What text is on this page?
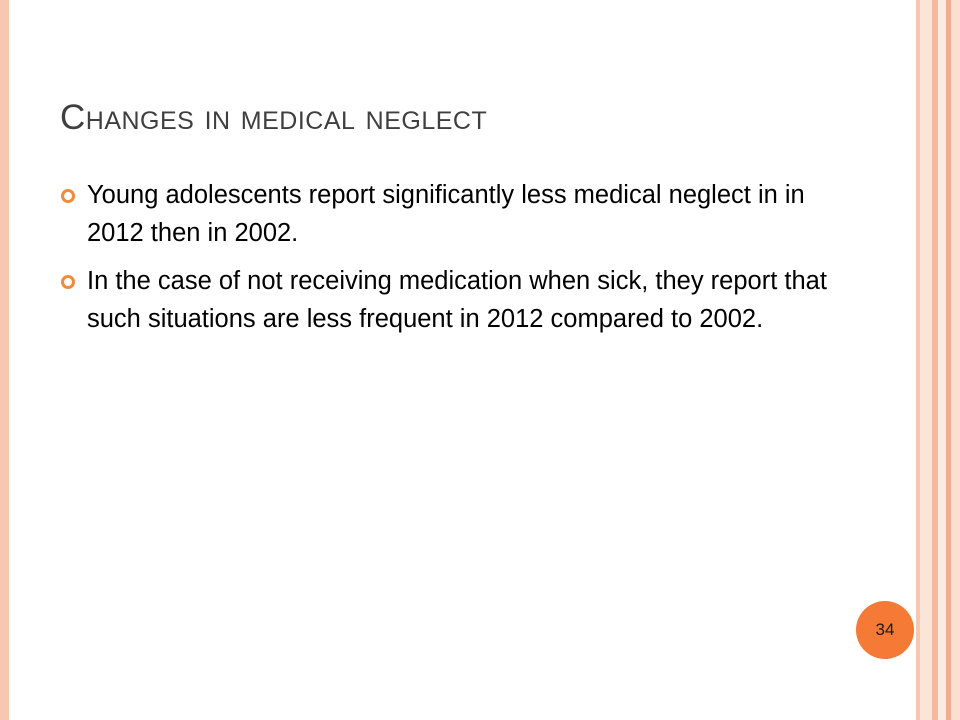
Changes in medical neglect
Young adolescents report significantly less medical neglect in in 2012 then in 2002.
In the case of not receiving medication when sick, they report that such situations are less frequent in 2012 compared to 2002.
34
